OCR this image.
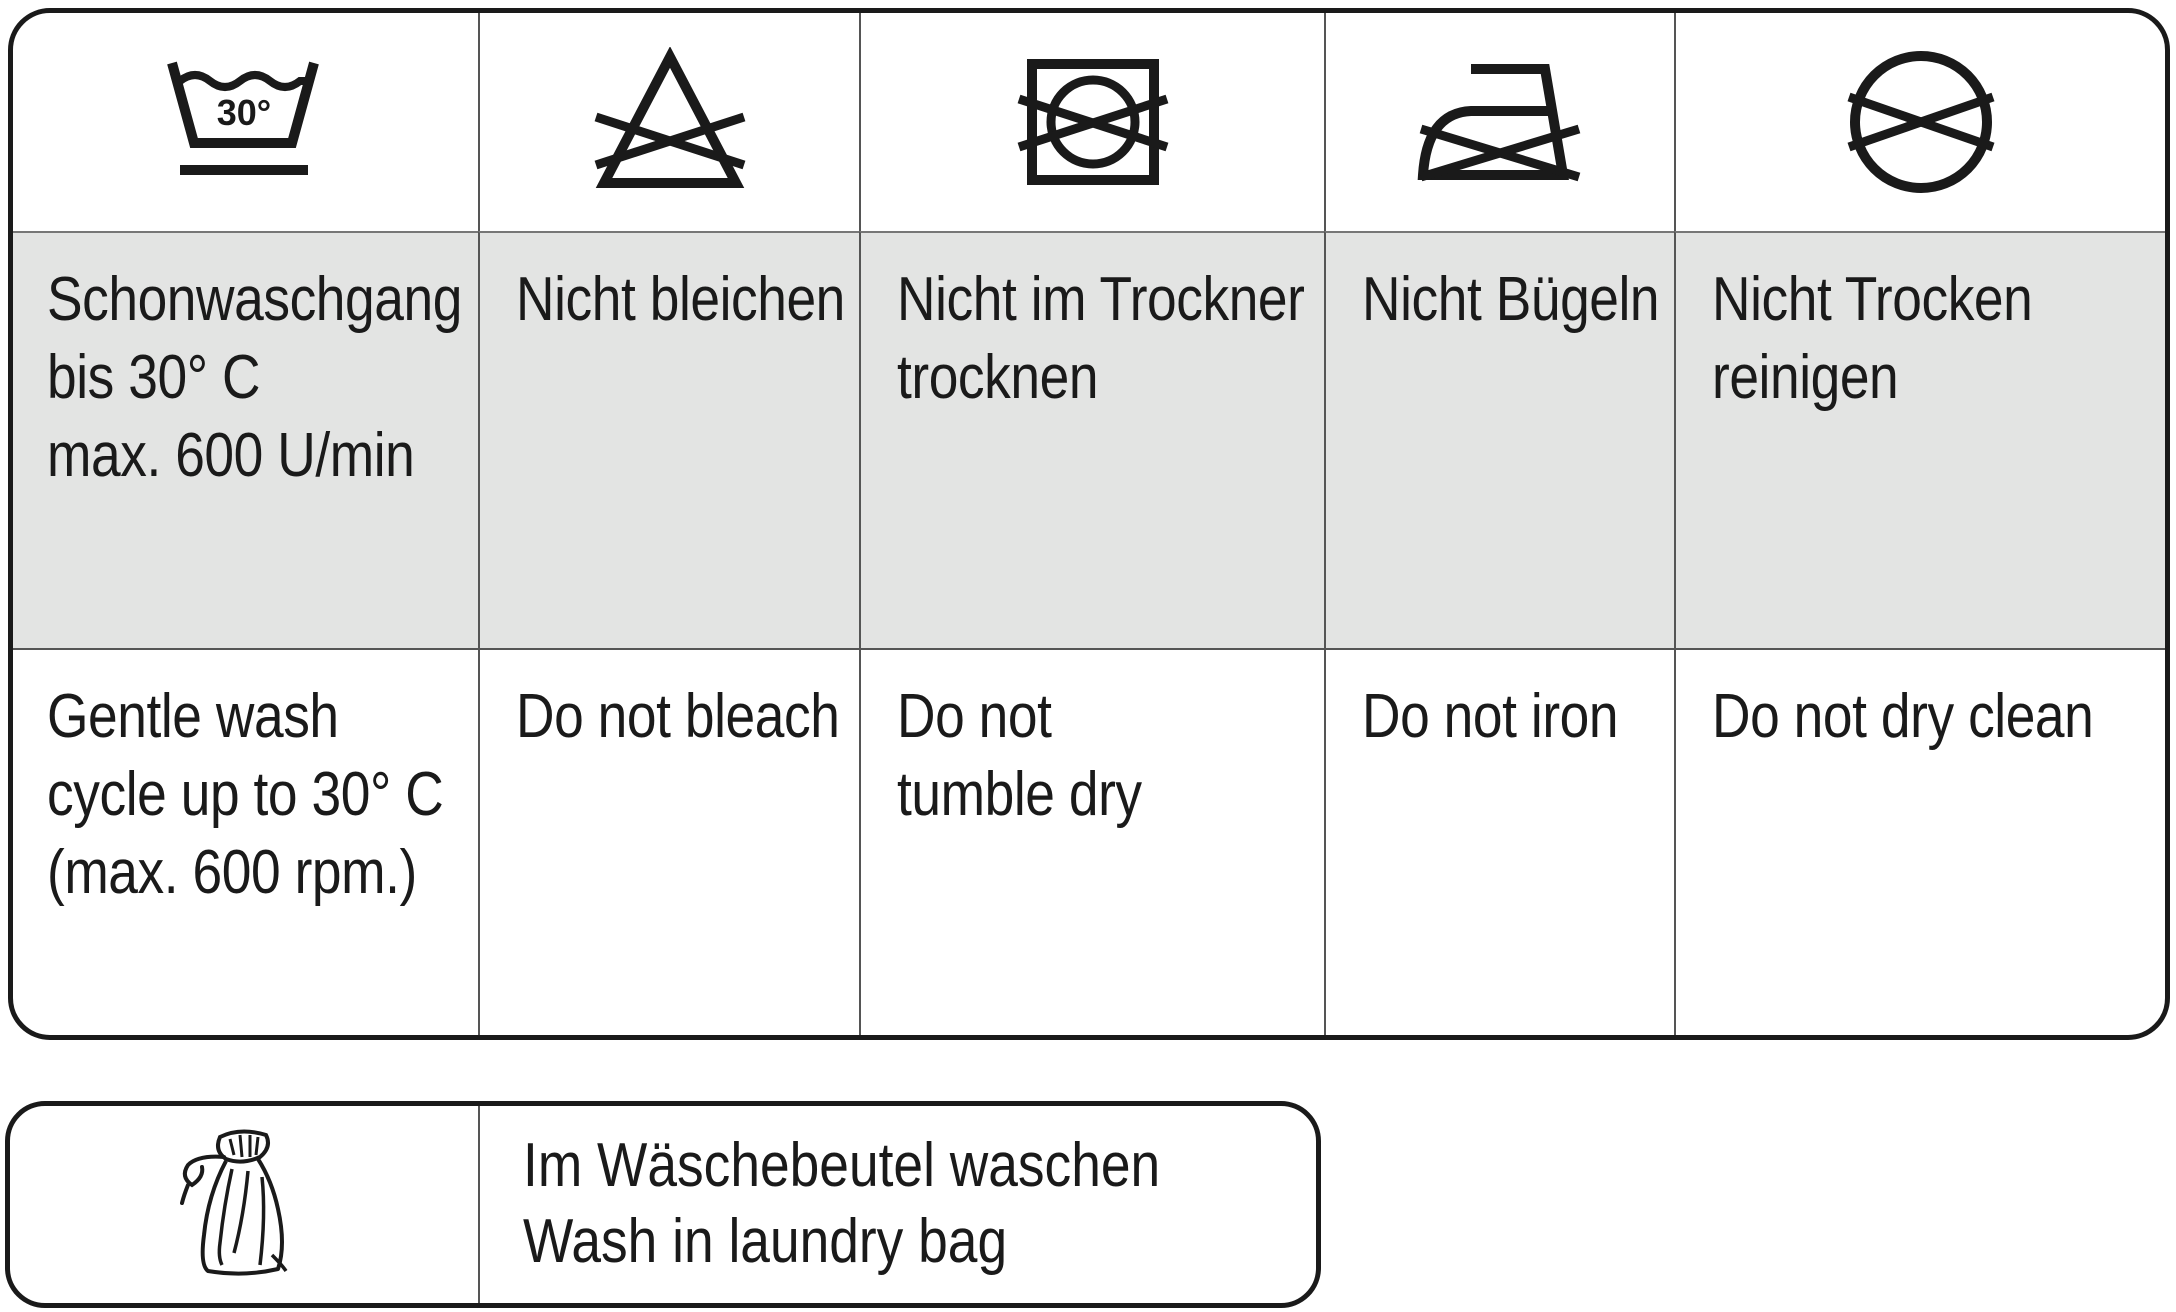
30°
Schonwaschgang
bis 30° C
max. 600 U/min
Nicht bleichen Nicht im Trockner
trocknen
Nicht Bügeln Nicht Trocken
reinigen
Gentle wash
cycle up to 30° C
(max. 600 rpm.)
Do not bleach Do not
tumble dry
Do not iron	Do not dry clean
Im Wäschebeutel waschen
Wash in laundry bag
